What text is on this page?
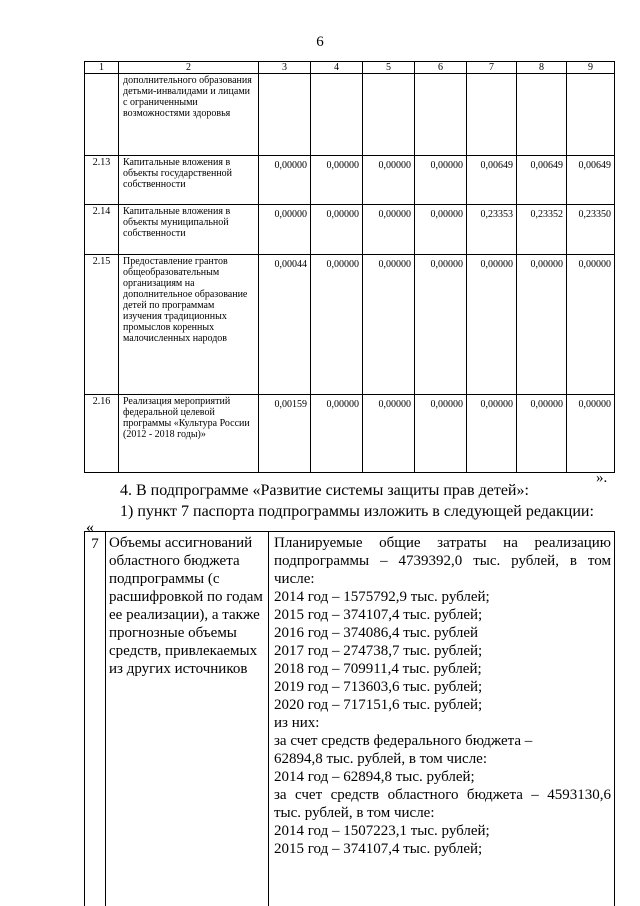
6
1	2	3	4	5	6	7	8	9
	дополнительного образования детьми-инвалидами и лицами с ограниченными возможностями здоровья							
2.13	Капитальные вложения в объекты государственной собственности	0,00000	0,00000	0,00000	0,00000	0,00649	0,00649	0,00649
2.14	Капитальные вложения в объекты муниципальной собственности	0,00000	0,00000	0,00000	0,00000	0,23353	0,23352	0,23350
2.15	Предоставление грантов общеобразовательным организациям на дополнительное образование детей по программам изучения традиционных промыслов коренных малочисленных народов	0,00044	0,00000	0,00000	0,00000	0,00000	0,00000	0,00000
2.16	Реализация мероприятий федеральной целевой программы «Культура России (2012 - 2018 годы)»	0,00159	0,00000	0,00000	0,00000	0,00000	0,00000	0,00000
».
4. В подпрограмме «Развитие системы защиты прав детей»:
1) пункт 7 паспорта подпрограммы изложить в следующей редакции:
«
7	Объемы ассигнований областного бюджета подпрограммы (с расшифровкой по годам ее реализации), а также прогнозные объемы средств, привлекаемых из других источников	
Планируемые общие затраты на реализацию
подпрограммы – 4739392,0 тыс. рублей, в том
числе:
2014 год – 1575792,9 тыс. рублей;
2015 год – 374107,4 тыс. рублей;
2016 год – 374086,4 тыс. рублей
2017 год – 274738,7 тыс. рублей;
2018 год – 709911,4 тыс. рублей;
2019 год – 713603,6 тыс. рублей;
2020 год – 717151,6 тыс. рублей;
из них:
за счет средств федерального бюджета –
62894,8 тыс. рублей, в том числе:
2014 год – 62894,8 тыс. рублей;
за счет средств областного бюджета – 4593130,6
тыс. рублей, в том числе:
2014 год – 1507223,1 тыс. рублей;
2015 год – 374107,4 тыс. рублей;
